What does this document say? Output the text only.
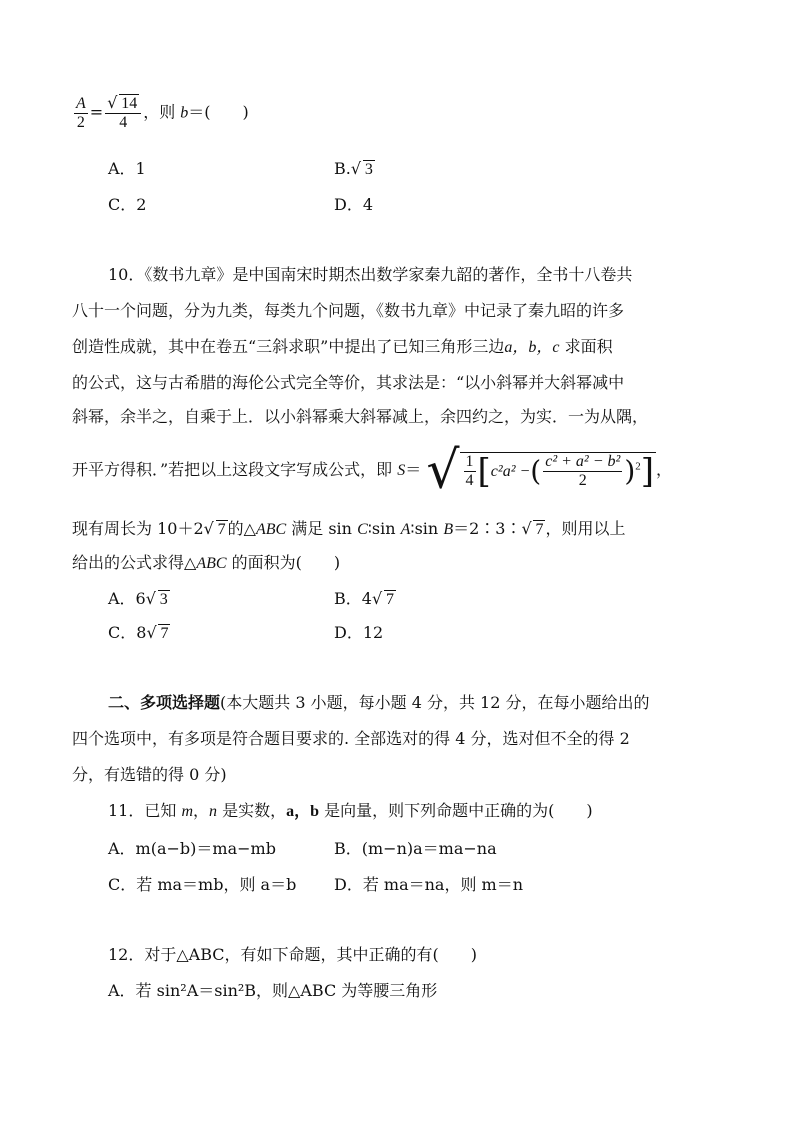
$\frac{A}{2} = \frac{√ 14}{4}$ ，则 b＝(　　)
A．1	B. √ 3
C．2	D．4
10．《数书九章》是中国南宋时期杰出数学家秦九韶的著作，全书十八卷共
八十一个问题，分为九类，每类九个问题，《数书九章》中记录了秦九昭的许多
创造性成就，其中在卷五“三斜求职”中提出了已知三角形三边a，b，c 求面积
的公式，这与古希腊的海伦公式完全等价，其求法是：“以小斜幂并大斜幂减中
斜幂，余半之，自乘于上．以小斜幂乘大斜幂减上，余四约之，为实．一为从隅，
开平方得积．”若把以上这段文字写成公式，即 S＝ √ $\frac{1}{4} [c^2a^2$ −( $\frac{\text{c² + a² − b²}}{2} )^2$] ，
现有周长为 10＋2 √ 7 的△ABC 满足 sin C∶sin A∶sin B＝2∶3∶ √ 7 ，则用以上
给出的公式求得△ABC 的面积为(　　)
A．6 √ 3	B．4 √ 7
C．8 √ 7	D．12
二、多项选择题(本大题共 3 小题，每小题 4 分，共 12 分，在每小题给出的
四个选项中，有多项是符合题目要求的. 全部选对的得 4 分，选对但不全的得 2
分，有选错的得 0 分)
11．已知 m，n 是实数，a，b 是向量，则下列命题中正确的为(　　)
A．m(a−b)＝ma−mb	B．(m−n)a＝ma−na
C．若 ma＝mb，则 a＝b D．若 ma＝na，则 m＝n
12．对于△ABC，有如下命题，其中正确的有(　　)
A．若 sin²A＝sin²B，则△ABC 为等腰三角形
